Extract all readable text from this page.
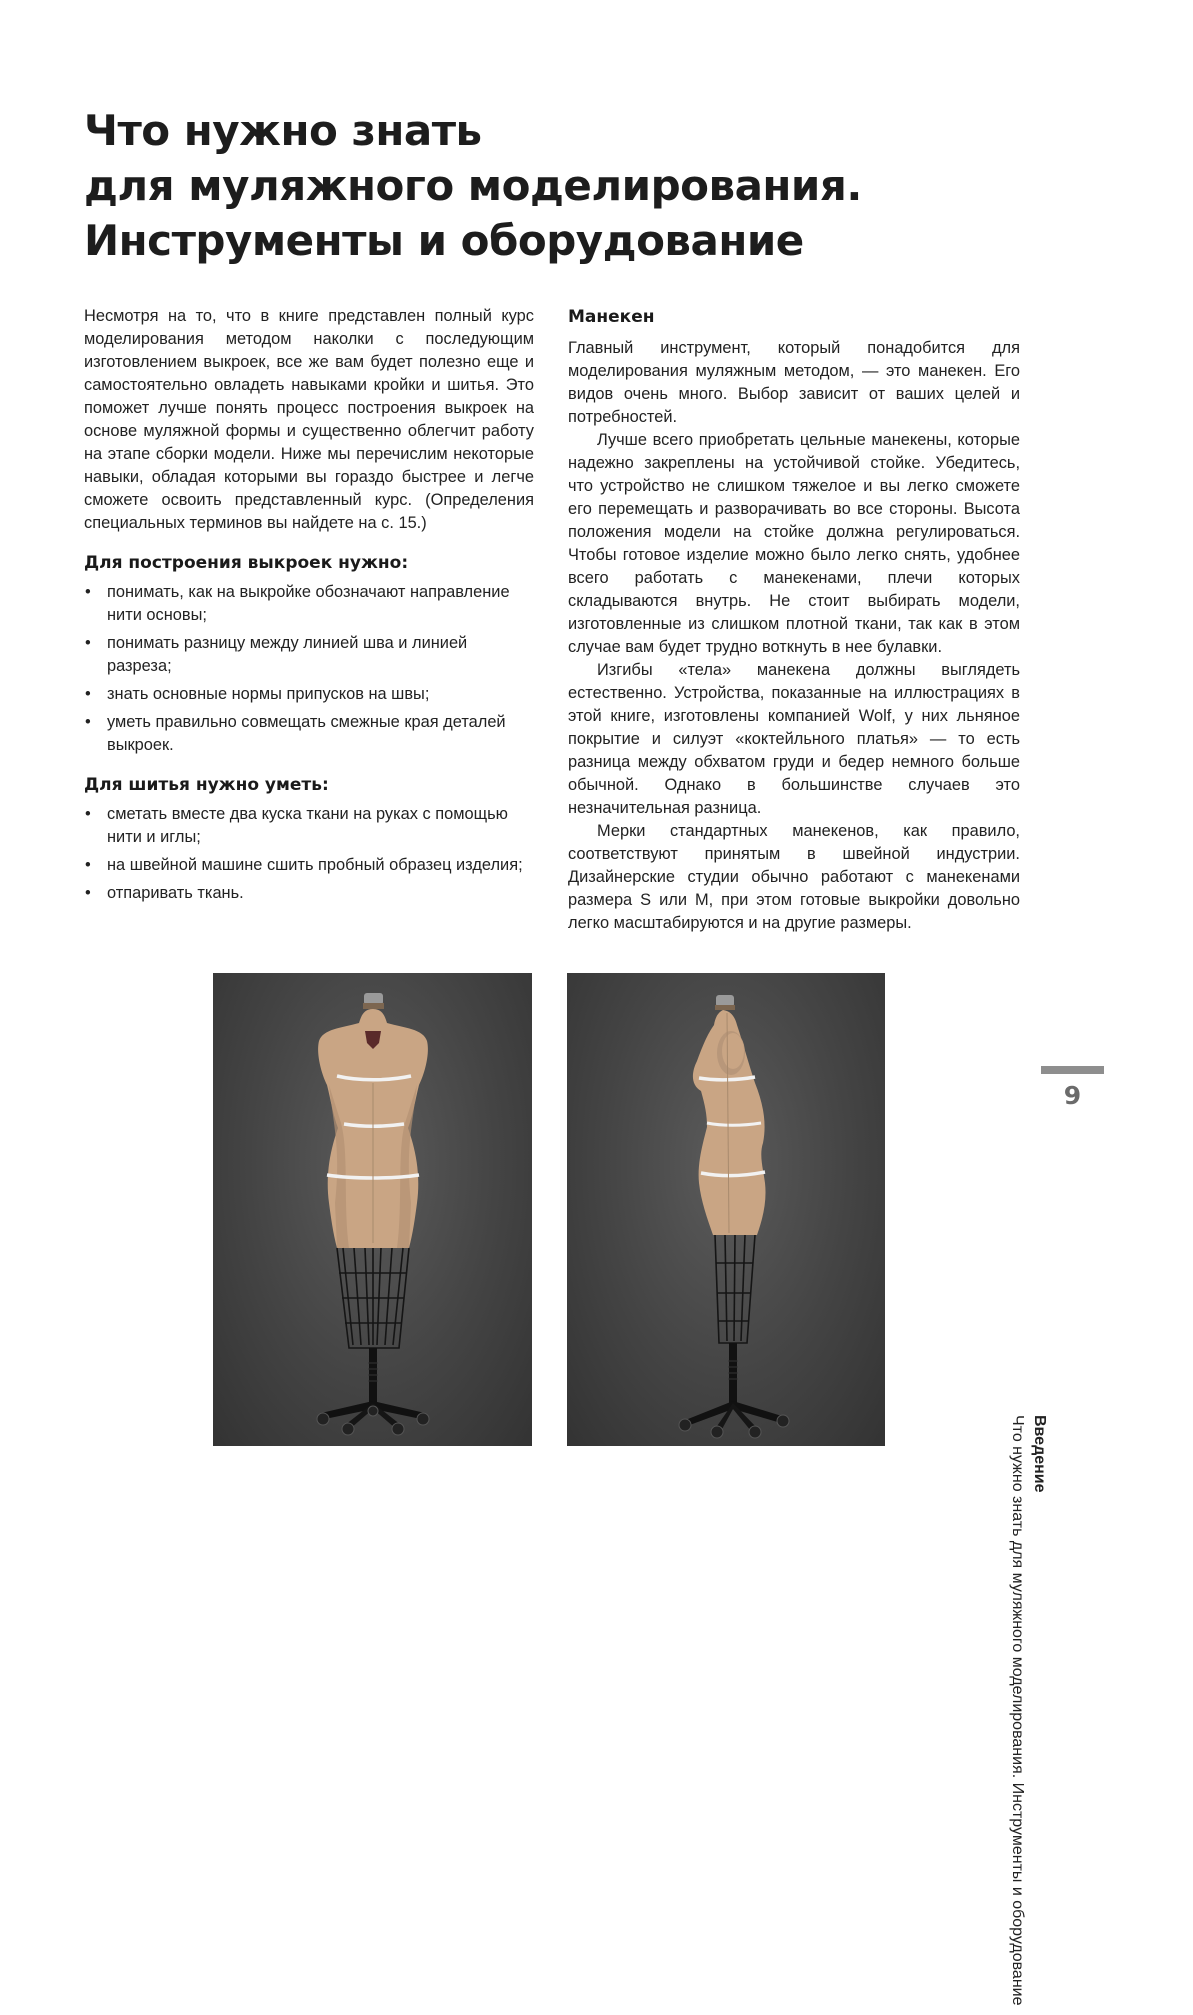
Что нужно знать
для муляжного моделирования.
Инструменты и оборудование

Несмотря на то, что в книге представлен полный курс моделирования методом наколки с последующим изготовлением выкроек, все же вам будет полезно еще и самостоятельно овладеть навыками кройки и шитья. Это поможет лучше понять процесс построения выкроек на основе муляжной формы и существенно облегчит работу на этапе сборки модели. Ниже мы перечислим некоторые навыки, обладая которыми вы гораздо быстрее и легче сможете освоить представленный курс. (Определения специальных терминов вы найдете на с. 15.)

Для построения выкроек нужно:
• понимать, как на выкройке обозначают направление нити основы;
• понимать разницу между линией шва и линией разреза;
• знать основные нормы припусков на швы;
• уметь правильно совмещать смежные края деталей выкроек.
Для шитья нужно уметь:
• сметать вместе два куска ткани на руках с помощью нити и иглы;
• на швейной машине сшить пробный образец изделия;
• отпаривать ткань.
Манекен

Главный инструмент, который понадобится для моделирования муляжным методом, — это манекен. Его видов очень много. Выбор зависит от ваших целей и потребностей.

Лучше всего приобретать цельные манекены, которые надежно закреплены на устойчивой стойке. Убедитесь, что устройство не слишком тяжелое и вы легко сможете его перемещать и разворачивать во все стороны. Высота положения модели на стойке должна регулироваться. Чтобы готовое изделие можно было легко снять, удобнее всего работать с манекенами, плечи которых складываются внутрь. Не стоит выбирать модели, изготовленные из слишком плотной ткани, так как в этом случае вам будет трудно воткнуть в нее булавки.

Изгибы «тела» манекена должны выглядеть естественно. Устройства, показанные на иллюстрациях в этой книге, изготовлены компанией Wolf, у них льняное покрытие и силуэт «коктейльного платья» — то есть разница между обхватом груди и бедер немного больше обычной. Однако в большинстве случаев это незначительная разница.

Мерки стандартных манекенов, как правило, соответствуют принятым в швейной индустрии. Дизайнерские студии обычно работают с манекенами размера S или M, при этом готовые выкройки довольно легко масштабируются и на другие размеры.

Введение
Что нужно знать для муляжного моделирования. Инструменты и оборудование
9
